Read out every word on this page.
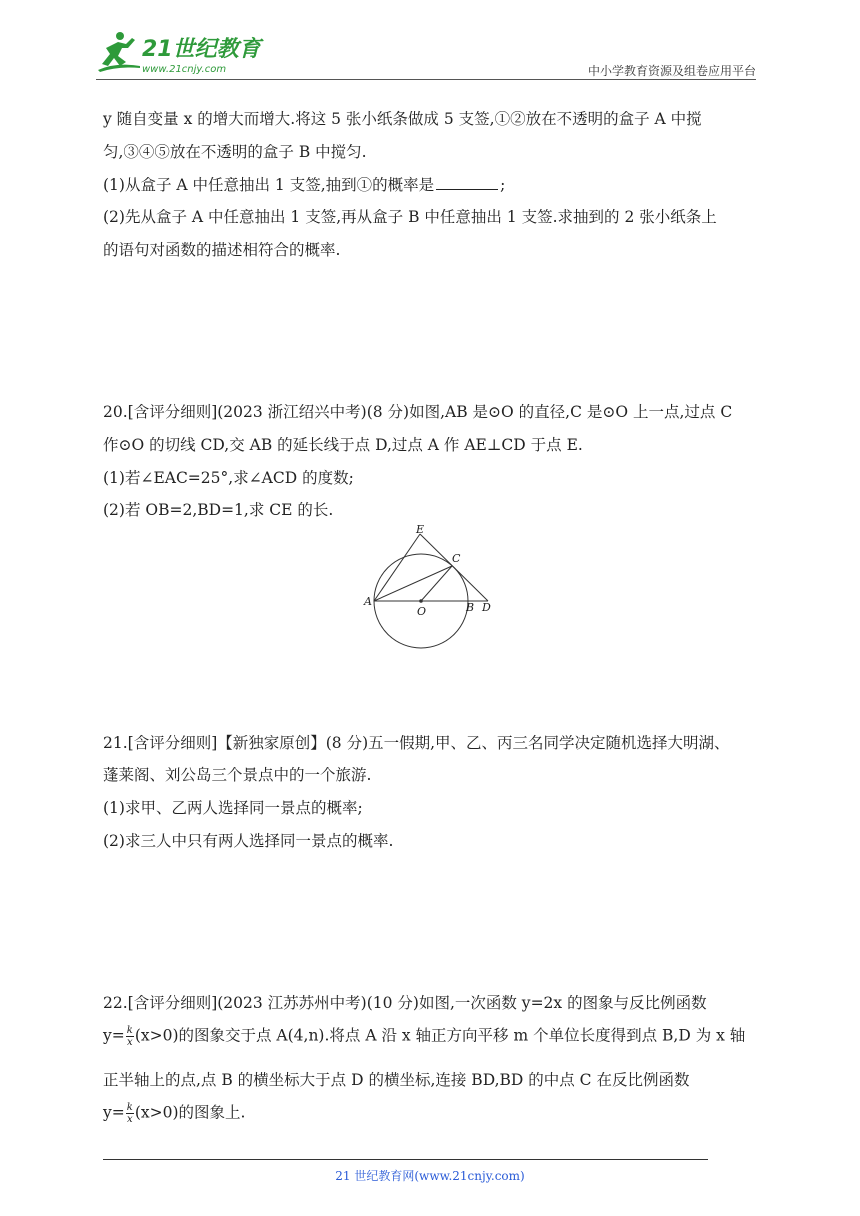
21世纪教育
www.21cnjy.com	中小学教育资源及组卷应用平台
y 随自变量 x 的增大而增大.将这 5 张小纸条做成 5 支签,①②放在不透明的盒子 A 中搅
匀,③④⑤放在不透明的盒子 B 中搅匀.
(1)从盒子 A 中任意抽出 1 支签,抽到①的概率是	;
(2)先从盒子 A 中任意抽出 1 支签,再从盒子 B 中任意抽出 1 支签.求抽到的 2 张小纸条上
的语句对函数的描述相符合的概率.
20.[含评分细则](2023 浙江绍兴中考)(8 分)如图,AB 是⊙O 的直径,C 是⊙O 上一点,过点 C
作⊙O 的切线 CD,交 AB 的延长线于点 D,过点 A 作 AE⊥CD 于点 E.
(1)若∠EAC=25°,求∠ACD 的度数;
(2)若 OB=2,BD=1,求 CE 的长.
E
C
A
O	B D
21.[含评分细则]【新独家原创】(8 分)五一假期,甲、乙、丙三名同学决定随机选择大明湖、
蓬莱阁、刘公岛三个景点中的一个旅游.
(1)求甲、乙两人选择同一景点的概率;
(2)求三人中只有两人选择同一景点的概率.
22.[含评分细则](2023 江苏苏州中考)(10 分)如图,一次函数 y=2x 的图象与反比例函数
$y= \frac{k}{x} (x>0)$的图象交于点 A(4,n).将点 A 沿 x 轴正方向平移 m 个单位长度得到点 B,D 为 x 轴
正半轴上的点,点 B 的横坐标大于点 D 的横坐标,连接 BD,BD 的中点 C 在反比例函数
$y= \frac{k}{x} (x>0)$的图象上.
21 世纪教育网(www.21cnjy.com)
